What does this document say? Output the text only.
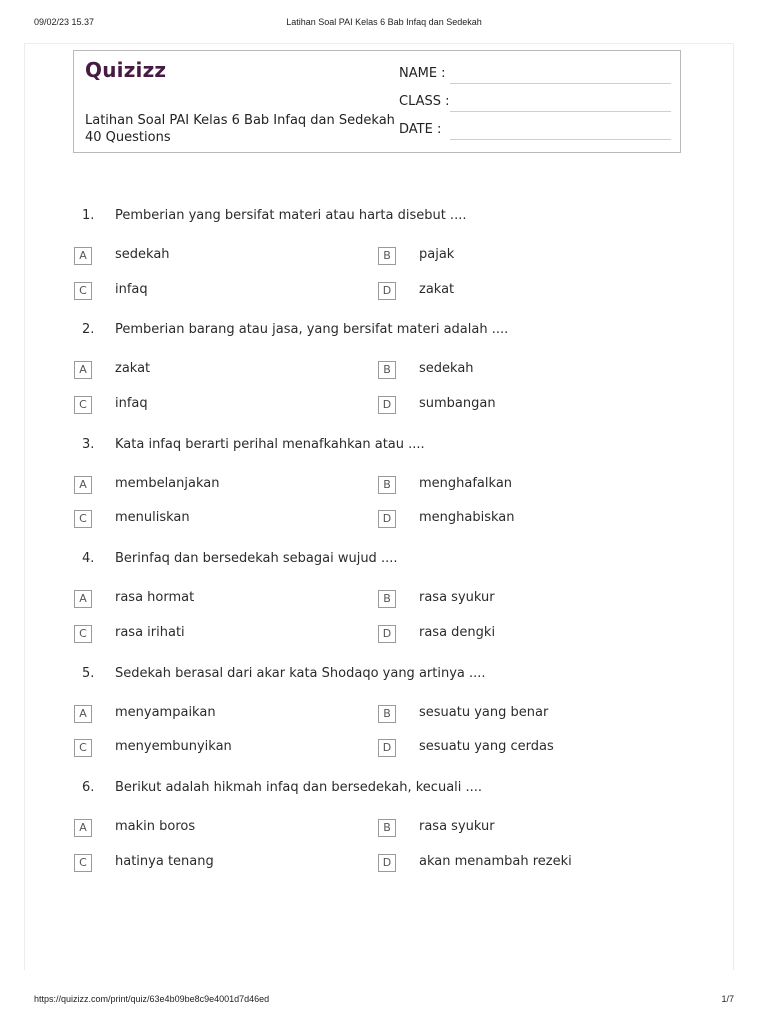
09/02/23 15.37	Latihan Soal PAI Kelas 6 Bab Infaq dan Sedekah
Quizizz
Latihan Soal PAI Kelas 6 Bab Infaq dan Sedekah
40 Questions
NAME :
CLASS :
DATE :
1. Pemberian yang bersifat materi atau harta disebut ....
A	sedekah	B	pajak
C	infaq	D	zakat
2. Pemberian barang atau jasa, yang bersifat materi adalah ....
A	zakat	B	sedekah
C	infaq	D	sumbangan
3. Kata infaq berarti perihal menafkahkan atau ....
A	membelanjakan	B	menghafalkan
C	menuliskan	D	menghabiskan
4. Berinfaq dan bersedekah sebagai wujud ....
A	rasa hormat	B	rasa syukur
C	rasa irihati	D	rasa dengki
5. Sedekah berasal dari akar kata Shodaqo yang artinya ....
A	menyampaikan	B	sesuatu yang benar
C	menyembunyikan	D	sesuatu yang cerdas
6. Berikut adalah hikmah infaq dan bersedekah, kecuali ....
A	makin boros	B	rasa syukur
C	hatinya tenang	D	akan menambah rezeki
https://quizizz.com/print/quiz/63e4b09be8c9e4001d7d46ed	1/7
